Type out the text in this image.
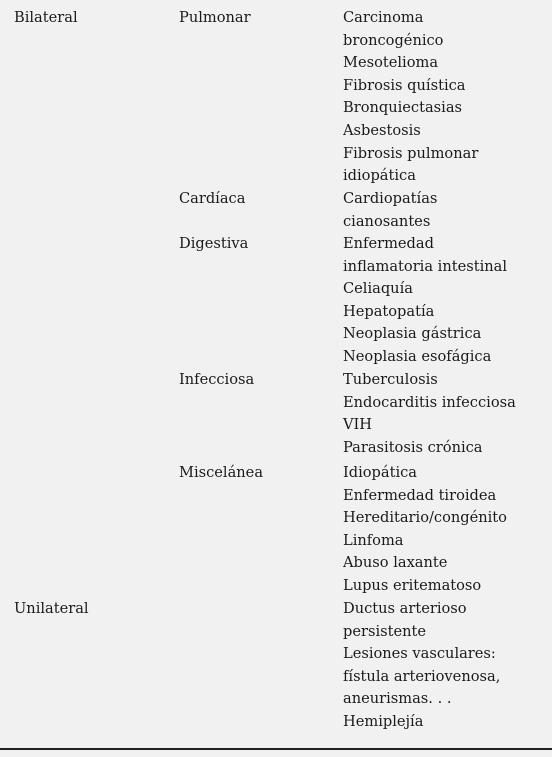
Bilateral	Pulmonar	Carcinoma
broncogénico
Mesotelioma
Fibrosis quística
Bronquiectasias
Asbestosis
Fibrosis pulmonar
idiopática
Cardíaca	Cardiopatías
cianosantes
Digestiva	Enfermedad
inflamatoria intestinal
Celiaquía
Hepatopatía
Neoplasia gástrica
Neoplasia esofágica
Infecciosa	Tuberculosis
Endocarditis infecciosa
VIH
Parasitosis crónica
Miscelánea	Idiopática
Enfermedad tiroidea
Hereditario/congénito
Linfoma
Abuso laxante
Lupus eritematoso
Unilateral	Ductus arterioso
persistente
Lesiones vasculares:
fístula arteriovenosa,
aneurismas. . .
Hemiplejía
